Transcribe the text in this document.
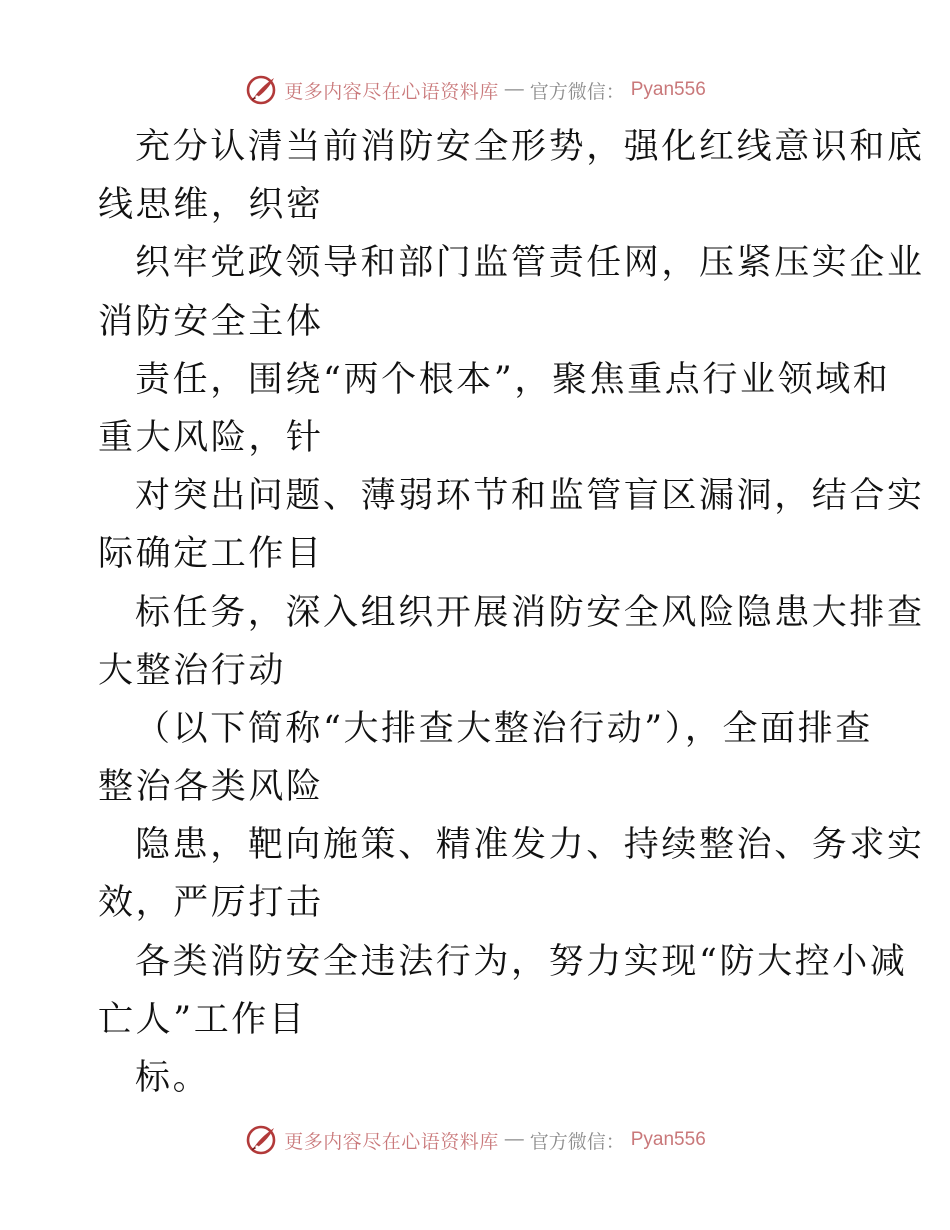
更多内容尽在心语资料库 — 官方微信： Pyan556
充分认清当前消防安全形势，强化红线意识和底
线思维，织密
织牢党政领导和部门监管责任网，压紧压实企业
消防安全主体
责任，围绕“两个根本”，聚焦重点行业领域和
重大风险，针
对突出问题、薄弱环节和监管盲区漏洞，结合实
际确定工作目
标任务，深入组织开展消防安全风险隐患大排查
大整治行动
（以下简称“大排查大整治行动”），全面排查
整治各类风险
隐患，靶向施策、精准发力、持续整治、务求实
效，严厉打击
各类消防安全违法行为，努力实现“防大控小减
亡人”工作目
标。
更多内容尽在心语资料库 — 官方微信： Pyan556
